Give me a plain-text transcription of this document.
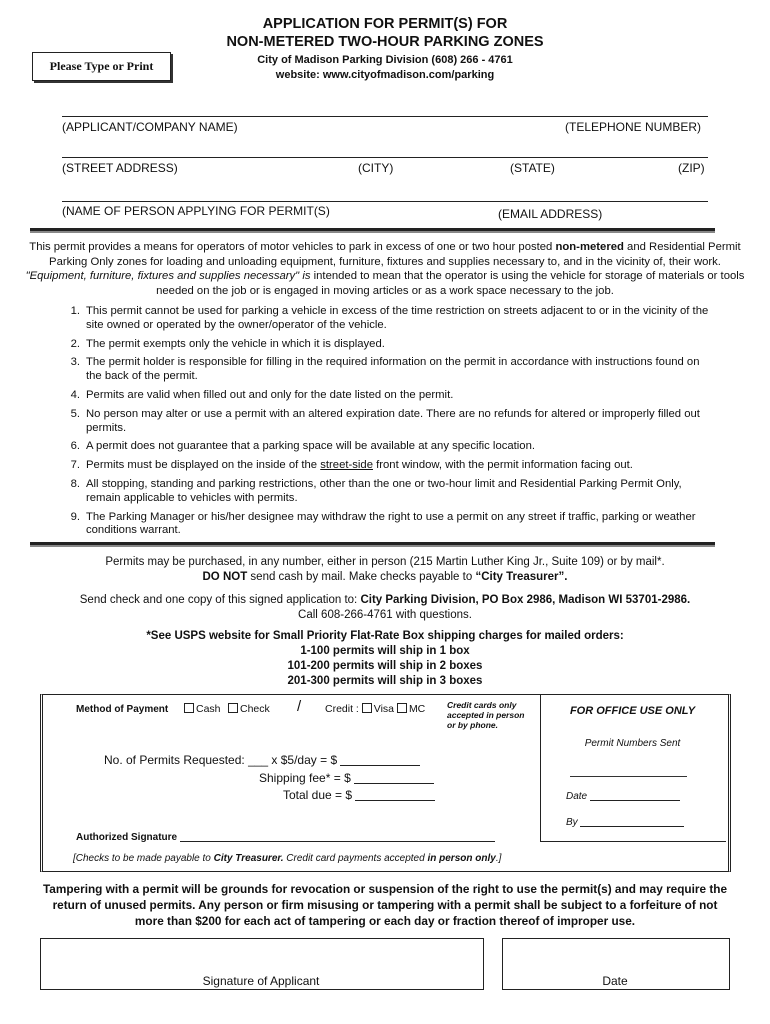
APPLICATION FOR PERMIT(S) FOR
NON-METERED TWO-HOUR PARKING ZONES
City of Madison Parking Division (608) 266 - 4761
website: www.cityofmadison.com/parking
Please Type or Print
(APPLICANT/COMPANY NAME)	(TELEPHONE NUMBER)
(STREET ADDRESS)	(CITY)	(STATE)	(ZIP)
(NAME OF PERSON APPLYING FOR PERMIT(S)	(EMAIL ADDRESS)
This permit provides a means for operators of motor vehicles to park in excess of one or two hour posted non-metered and Residential Permit Parking Only zones for loading and unloading equipment, furniture, fixtures and supplies necessary to, and in the vicinity of, their work. "Equipment, furniture, fixtures and supplies necessary" is intended to mean that the operator is using the vehicle for storage of materials or tools needed on the job or is engaged in moving articles or as a work space necessary to the job.
1. This permit cannot be used for parking a vehicle in excess of the time restriction on streets adjacent to or in the vicinity of the site owned or operated by the owner/operator of the vehicle.
2. The permit exempts only the vehicle in which it is displayed.
3. The permit holder is responsible for filling in the required information on the permit in accordance with instructions found on the back of the permit.
4. Permits are valid when filled out and only for the date listed on the permit.
5. No person may alter or use a permit with an altered expiration date. There are no refunds for altered or improperly filled out permits.
6. A permit does not guarantee that a parking space will be available at any specific location.
7. Permits must be displayed on the inside of the street-side front window, with the permit information facing out.
8. All stopping, standing and parking restrictions, other than the one or two-hour limit and Residential Parking Permit Only, remain applicable to vehicles with permits.
9. The Parking Manager or his/her designee may withdraw the right to use a permit on any street if traffic, parking or weather conditions warrant.
Permits may be purchased, in any number, either in person (215 Martin Luther King Jr., Suite 109) or by mail*.
DO NOT send cash by mail. Make checks payable to “City Treasurer”.
Send check and one copy of this signed application to: City Parking Division, PO Box 2986, Madison WI 53701-2986.
Call 608-266-4761 with questions.
*See USPS website for Small Priority Flat-Rate Box shipping charges for mailed orders:
1-100 permits will ship in 1 box
101-200 permits will ship in 2 boxes
201-300 permits will ship in 3 boxes
Method of Payment	Cash	Check / Credit : Visa MC	Credit cards only accepted in person or by phone.
No. of Permits Requested: ___ x $5/day = $
Shipping fee* = $
Total due = $
Authorized Signature
[Checks to be made payable to City Treasurer. Credit card payments accepted in person only.]
FOR OFFICE USE ONLY
Permit Numbers Sent
Date
By
Tampering with a permit will be grounds for revocation or suspension of the right to use the permit(s) and may require the return of unused permits. Any person or firm misusing or tampering with a permit shall be subject to a forfeiture of not more than $200 for each act of tampering or each day or fraction thereof of improper use.
Signature of Applicant	Date
